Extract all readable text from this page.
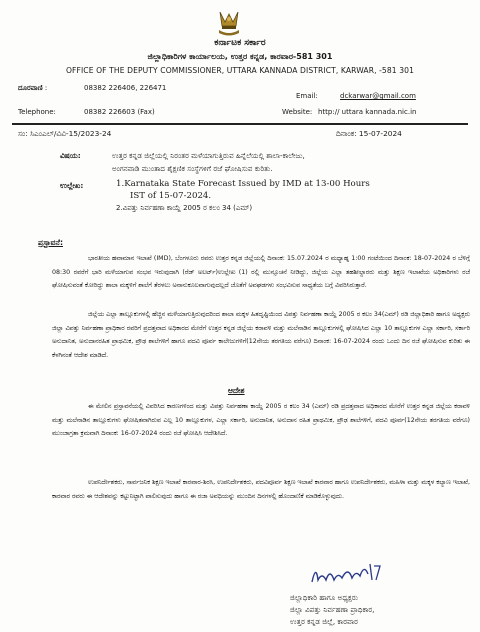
ಕರ್ನಾಟಕ ಸರ್ಕಾರ
ಜಿಲ್ಲಾಧಿಕಾರಿಗಳ ಕಾರ್ಯಾಲಯ, ಉತ್ತರ ಕನ್ನಡ, ಕಾರವಾರ-581 301
OFFICE OF THE DEPUTY COMMISSIONER, UTTARA KANNADA DISTRICT, KARWAR, -581 301
ದೂರವಾಣಿ :	08382 226406, 226471
Telephone:	08382 226603 (Fax)
Email:	dckarwar@gmail.com
Website: http:// uttara kannada.nic.in
ಸಂ: ಸಿಎಂಎಲ್/ವಿವಿ-15/2023-24	ದಿನಾಂಕ: 15-07-2024
ವಿಷಯ:	ಉತ್ತರ ಕನ್ನಡ ಜಿಲ್ಲೆಯಲ್ಲಿ ನಿರಂತರ ಮಳೆಯಾಗುತ್ತಿರುವ ಹಿನ್ನೆಲೆಯಲ್ಲಿ ಶಾಲಾ-ಕಾಲೇಜು,
ಅಂಗನವಾಡಿ ಮುಂತಾದ ಶೈಕ್ಷಣಿಕ ಸಂಸ್ಥೆಗಳಿಗೆ ರಜೆ ಘೋಷಿಸುವ ಕುರಿತು.
ಉಲ್ಲೇಖ:	1.Karnataka State Forecast Issued by IMD at 13-00 Hours
IST of 15-07-2024.
2.ವಿಪತ್ತು ನಿರ್ವಹಣಾ ಕಾಯ್ದೆ 2005 ರ ಕಲಂ 34 (ಎಮ್)
ಪ್ರಸ್ತಾವನೆ:
ಭಾರತೀಯ ಹವಾಮಾನ ಇಲಾಖೆ (IMD), ಬೆಂಗಳೂರು ರವರು ಉತ್ತರ ಕನ್ನಡ ಜಿಲ್ಲೆಯಲ್ಲಿ ದಿನಾಂಕ: 15.07.2024 ರ ಮಧ್ಯಾಹ್ನ 1:00 ಗಂಟೆಯಿಂದ ದಿನಾಂಕ: 18-07-2024 ರ ಬೆಳಿಗ್ಗೆ 08:30 ರವರೆಗೆ ಭಾರಿ ಮಳೆಯಾಗುವ ಸಂಭವ ಇರುವುದಾಗಿ (ರೆಡ್ ಅಲರ್ಟ್)ಉಲ್ಲೇಖ (1) ರಲ್ಲಿ ಮುನ್ಸೂಚನೆ ನೀಡಿದ್ದು, ಜಿಲ್ಲೆಯ ಎಲ್ಲಾ ತಹಶೀಲ್ದಾರರು ಮತ್ತು ಶಿಕ್ಷಣ ಇಲಾಖೆಯ ಅಧಿಕಾರಿಗಳು ರಜೆ ಘೋಷಿಸುವಂತೆ ಕೋರಿದ್ದು ಶಾಲಾ ಮಕ್ಕಳಿಗೆ ಶಾಲೆಗೆ ತೆರಳಲು ಅನಾನುಕೂಲವಾಗುವುದಲ್ಲದೆ ಜೊತೆಗೆ ಅವಘಡಗಳು ಸಂಭವಿಸುವ ಸಾಧ್ಯತೆಯ ಬಗ್ಗೆ ವಿವರಿಸಿರುತ್ತಾರೆ.
ಜಿಲ್ಲೆಯ ಎಲ್ಲಾ ತಾಲ್ಲೂಕುಗಳಲ್ಲಿ ಹೆಚ್ಚಿನ ಮಳೆಯಾಗುತ್ತಿರುವುದರಿಂದ ಶಾಲಾ ಮಕ್ಕಳ ಹಿತದೃಷ್ಟಿಯಿಂದ ವಿಪತ್ತು ನಿರ್ವಹಣಾ ಕಾಯ್ದೆ 2005 ರ ಕಲಂ 34(ಎಮ್) ರಡಿ ಜಿಲ್ಲಾಧಿಕಾರಿ ಹಾಗೂ ಅಧ್ಯಕ್ಷರು ಜಿಲ್ಲಾ ವಿಪತ್ತು ನಿರ್ವಹಣಾ ಪ್ರಾಧಿಕಾರ ರವರಿಗೆ ಪ್ರದತ್ತವಾದ ಅಧಿಕಾರದ ಮೇರೆಗೆ ಉತ್ತರ ಕನ್ನಡ ಜಿಲ್ಲೆಯ ಕರಾವಳಿ ಮತ್ತು ಮಲೆನಾಡಿನ ತಾಲ್ಲೂಕುಗಳಲ್ಲಿ ಘೋಷಿಸಿದ ಎಲ್ಲಾ 10 ತಾಲ್ಲೂಕುಗಳ ಎಲ್ಲಾ ಸರ್ಕಾರಿ, ಸರ್ಕಾರಿ ಅನುದಾನಿತ, ಅನುದಾನರಹಿತ ಪ್ರಾಥಮಿಕ, ಪ್ರೌಢ ಶಾಲೆಗಳಿಗೆ ಹಾಗೂ ಪದವಿ ಪೂರ್ವ ಕಾಲೇಜುಗಳಿಗೆ(12ನೇಯ ತರಗತಿಯ ವರೆಗೂ) ದಿನಾಂಕ: 16-07-2024 ರಂದು ಒಂದು ದಿನ ರಜೆ ಘೋಷಿಸುವ ಕುರಿತು ಈ ಕೆಳಗಿನಂತೆ ಆದೇಶ ಮಾಡಿದೆ.
ಆದೇಶ
ಈ ಮೇಲಿನ ಪ್ರಸ್ತಾವನೆಯಲ್ಲಿ ವಿವರಿಸಿದ ಕಾರಣಗಳಿಂದ ಮತ್ತು ವಿಪತ್ತು ನಿರ್ವಹಣಾ ಕಾಯ್ದೆ 2005 ರ ಕಲಂ 34 (ಎಮ್) ರಡಿ ಪ್ರದತ್ತವಾದ ಅಧಿಕಾರದ ಮೇರೆಗೆ ಉತ್ತರ ಕನ್ನಡ ಜಿಲ್ಲೆಯ ಕರಾವಳಿ ಮತ್ತು ಮಲೆನಾಡಿನ ತಾಲ್ಲೂಕುಗಳು ಘೋಷಿತವಾಗಿರುವ ಎಲ್ಲ 10 ತಾಲ್ಲೂಕುಗಳ, ಎಲ್ಲಾ ಸರ್ಕಾರಿ, ಅನುದಾನಿತ, ಅನುದಾನ ರಹಿತ ಪ್ರಾಥಮಿಕ, ಪ್ರೌಢ ಶಾಲೆಗಳಿಗೆ, ಪದವಿ ಪೂರ್ವ(12ನೇಯ ತರಗತಿಯ ವರೆಗೂ) ಮುಂಜಾಗ್ರತಾ ಕ್ರಮವಾಗಿ ದಿನಾಂಕ: 16-07-2024 ರಂದು ರಜೆ ಘೋಷಿಸಿ ಆದೇಶಿಸಿದೆ.
ಉಪನಿರ್ದೇಶಕರು, ಸಾರ್ವಜನಿಕ ಶಿಕ್ಷಣ ಇಲಾಖೆ ಕಾರವಾರ-ಶಿರಸಿ, ಉಪನಿರ್ದೇಶಕರು, ಪದವಿಪೂರ್ವ ಶಿಕ್ಷಣ ಇಲಾಖೆ ಕಾರವಾರ ಹಾಗೂ ಉಪನಿರ್ದೇಶಕರು, ಮಹಿಳಾ ಮತ್ತು ಮಕ್ಕಳ ಕಲ್ಯಾಣ ಇಲಾಖೆ, ಕಾರವಾರ ರವರು ಈ ಆದೇಶವನ್ನು ಕಟ್ಟುನಿಟ್ಟಾಗಿ ಪಾಲಿಸುವುದು ಹಾಗೂ ಈ ರಜಾ ಅವಧಿಯನ್ನು ಮುಂದಿನ ದಿನಗಳಲ್ಲಿ ಹೊಂದಾಣಿಕೆ ಮಾಡಿಕೊಳ್ಳುವುದು.
ಜಿಲ್ಲಾಧಿಕಾರಿ ಹಾಗೂ ಅಧ್ಯಕ್ಷರು
ಜಿಲ್ಲಾ ವಿಪತ್ತು ನಿರ್ವಹಣಾ ಪ್ರಾಧಿಕಾರ,
ಉತ್ತರ ಕನ್ನಡ ಜಿಲ್ಲೆ, ಕಾರವಾರ
